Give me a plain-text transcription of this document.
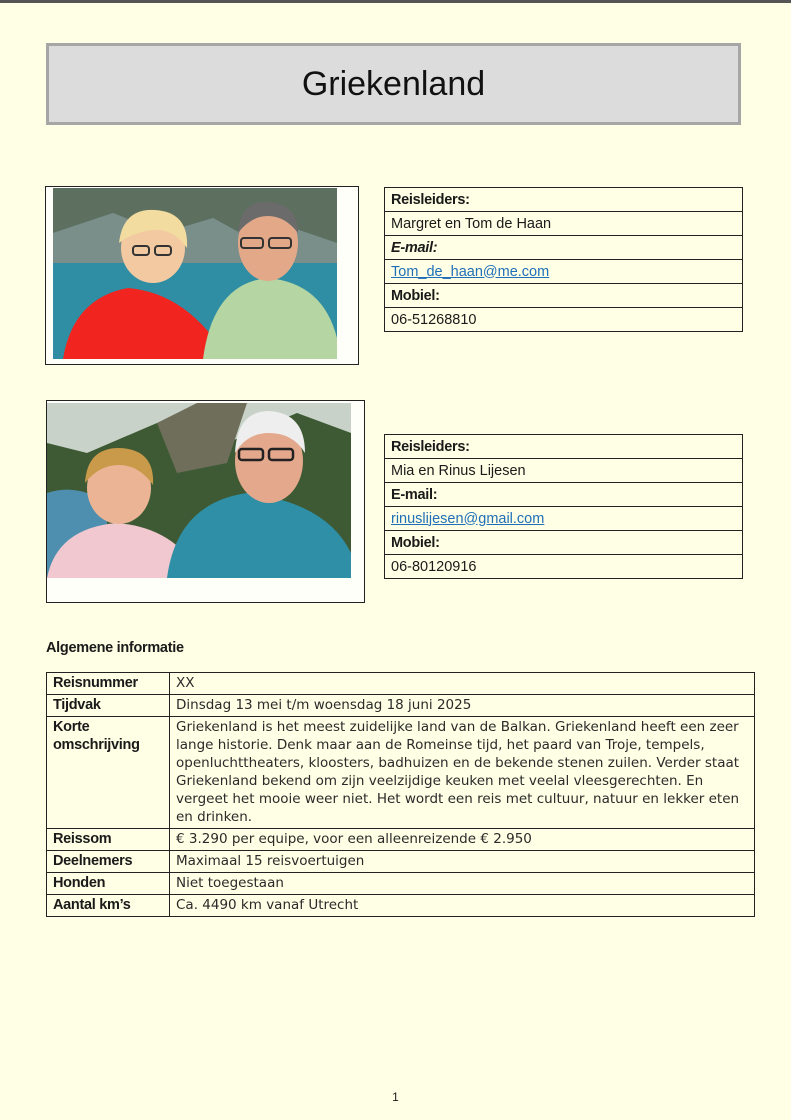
Griekenland
Reisleiders:
Margret en Tom de Haan
E-mail:
Tom_de_haan@me.com
Mobiel:
06-51268810
Reisleiders:
Mia en Rinus Lijesen
E-mail:
rinuslijesen@gmail.com
Mobiel:
06-80120916
Algemene informatie
Reisnummer	XX
Tijdvak	Dinsdag 13 mei t/m woensdag 18 juni 2025
Korte omschrijving	Griekenland is het meest zuidelijke land van de Balkan. Griekenland heeft een zeer lange historie. Denk maar aan de Romeinse tijd, het paard van Troje, tempels, openluchttheaters, kloosters, badhuizen en de bekende stenen zuilen. Verder staat Griekenland bekend om zijn veelzijdige keuken met veelal vleesgerechten. En vergeet het mooie weer niet. Het wordt een reis met cultuur, natuur en lekker eten en drinken.
Reissom	€ 3.290 per equipe, voor een alleenreizende € 2.950
Deelnemers	Maximaal 15 reisvoertuigen
Honden	Niet toegestaan
Aantal km’s	Ca. 4490 km vanaf Utrecht
1
